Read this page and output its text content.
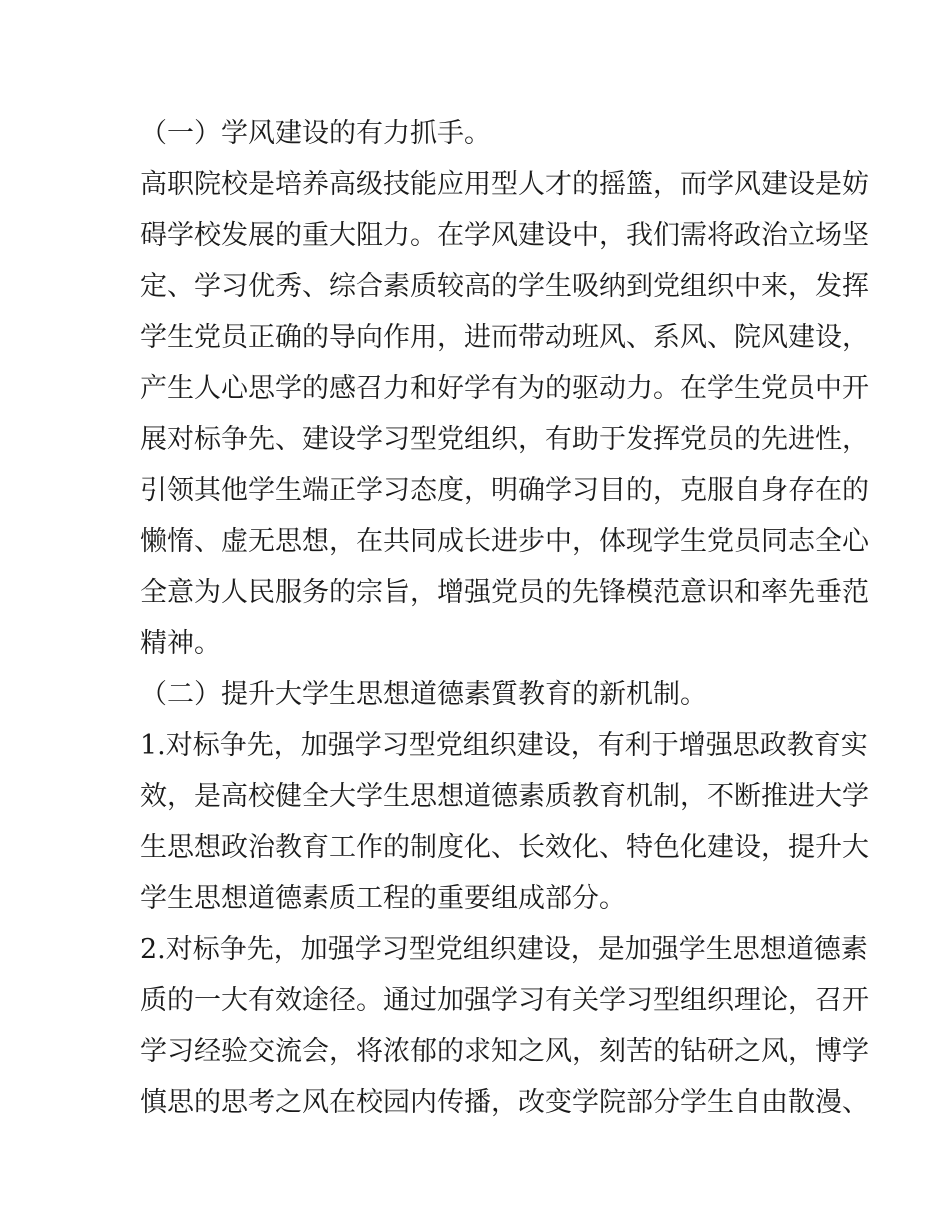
（一）学风建设的有力抓手。
高职院校是培养高级技能应用型人才的摇篮，而学风建设是妨
碍学校发展的重大阻力。在学风建设中，我们需将政治立场坚
定、学习优秀、综合素质较高的学生吸纳到党组织中来，发挥
学生党员正确的导向作用，进而带动班风、系风、院风建设，
产生人心思学的感召力和好学有为的驱动力。在学生党员中开
展对标争先、建设学习型党组织，有助于发挥党员的先进性，
引领其他学生端正学习态度，明确学习目的，克服自身存在的
懒惰、虚无思想，在共同成长进步中，体现学生党员同志全心
全意为人民服务的宗旨，增强党员的先锋模范意识和率先垂范
精神。
（二）提升大学生思想道德素質教育的新机制。
1.对标争先，加强学习型党组织建设，有利于增强思政教育实
效，是高校健全大学生思想道德素质教育机制，不断推进大学
生思想政治教育工作的制度化、长效化、特色化建设，提升大
学生思想道德素质工程的重要组成部分。
2.对标争先，加强学习型党组织建设，是加强学生思想道德素
质的一大有效途径。通过加强学习有关学习型组织理论，召开
学习经验交流会，将浓郁的求知之风，刻苦的钻研之风，博学
慎思的思考之风在校园内传播，改变学院部分学生自由散漫、
